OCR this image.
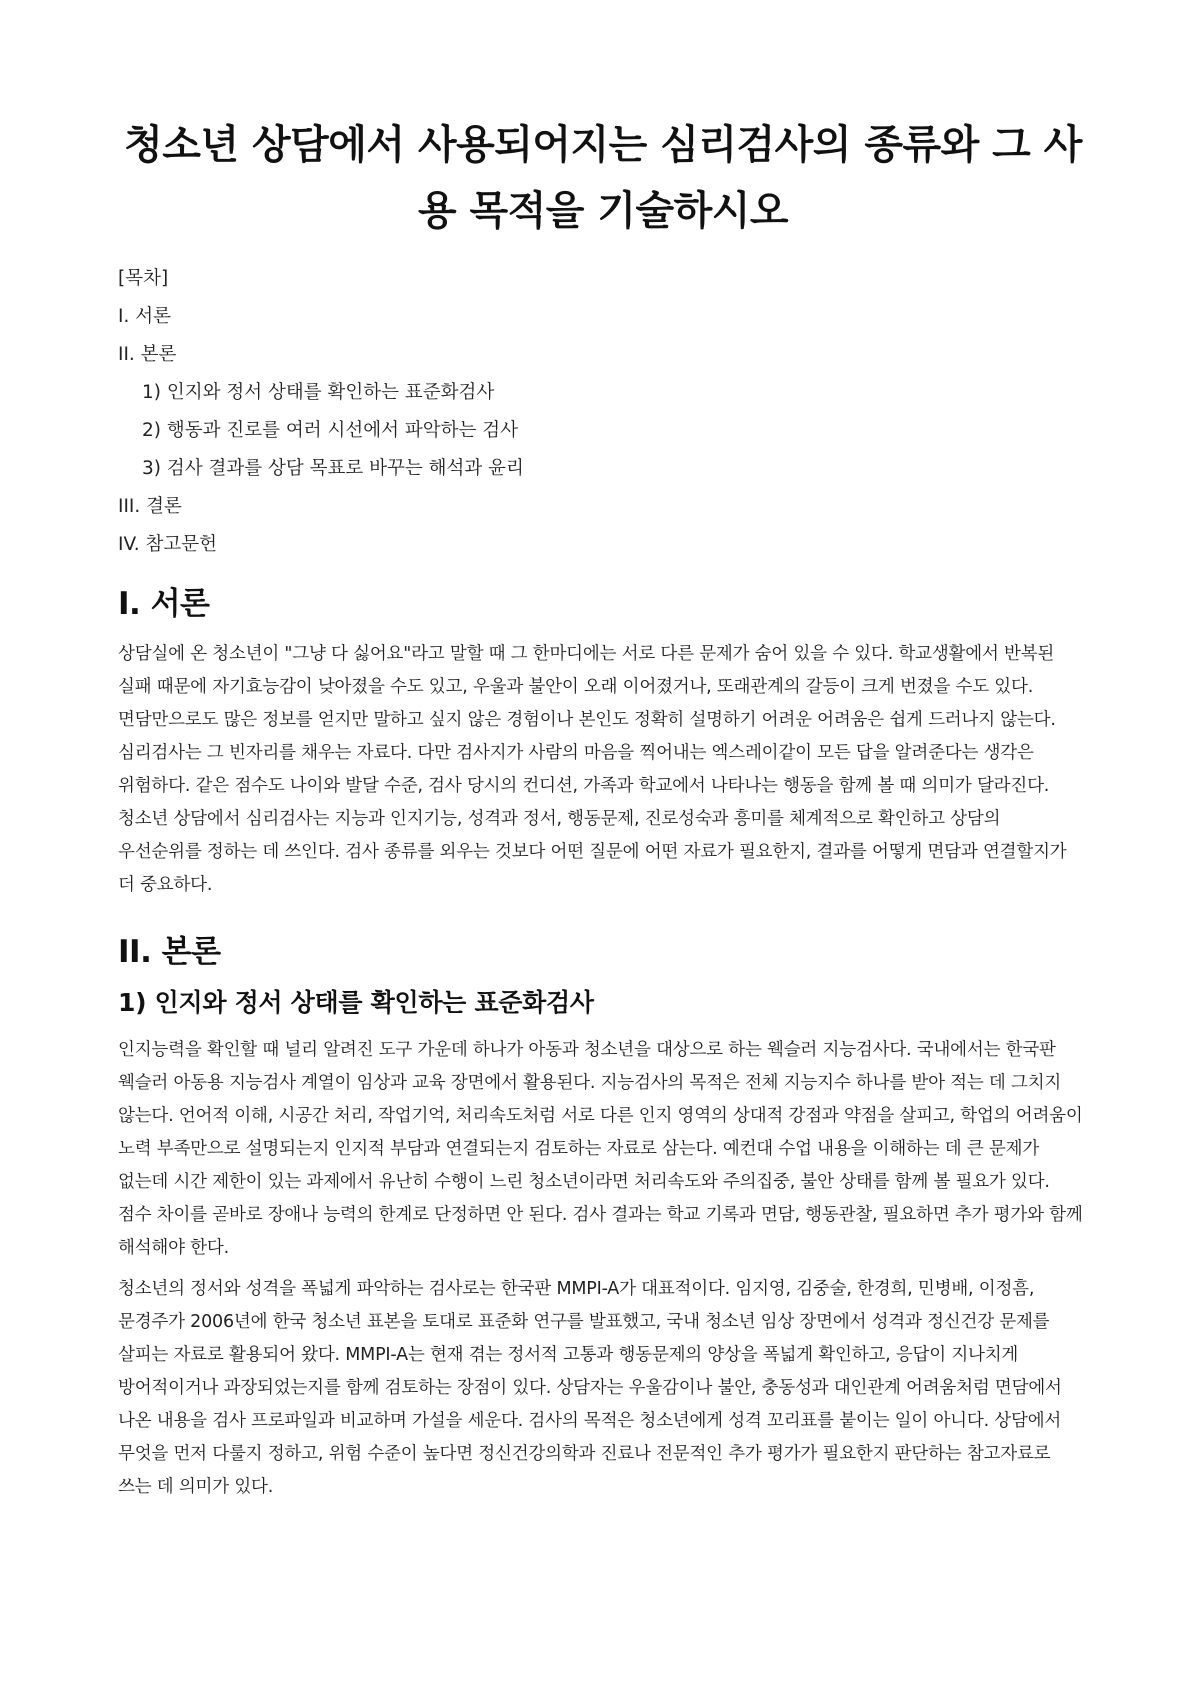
청소년 상담에서 사용되어지는 심리검사의 종류와 그 사용 목적을 기술하시오
[목차]
I. 서론
II. 본론
1) 인지와 정서 상태를 확인하는 표준화검사
2) 행동과 진로를 여러 시선에서 파악하는 검사
3) 검사 결과를 상담 목표로 바꾸는 해석과 윤리
III. 결론
IV. 참고문헌
I. 서론

상담실에 온 청소년이 "그냥 다 싫어요"라고 말할 때 그 한마디에는 서로 다른 문제가 숨어 있을 수 있다. 학교생활에서 반복된 실패 때문에 자기효능감이 낮아졌을 수도 있고, 우울과 불안이 오래 이어졌거나, 또래관계의 갈등이 크게 번졌을 수도 있다. 면담만으로도 많은 정보를 얻지만 말하고 싶지 않은 경험이나 본인도 정확히 설명하기 어려운 어려움은 쉽게 드러나지 않는다. 심리검사는 그 빈자리를 채우는 자료다. 다만 검사지가 사람의 마음을 찍어내는 엑스레이같이 모든 답을 알려준다는 생각은 위험하다. 같은 점수도 나이와 발달 수준, 검사 당시의 컨디션, 가족과 학교에서 나타나는 행동을 함께 볼 때 의미가 달라진다. 청소년 상담에서 심리검사는 지능과 인지기능, 성격과 정서, 행동문제, 진로성숙과 흥미를 체계적으로 확인하고 상담의 우선순위를 정하는 데 쓰인다. 검사 종류를 외우는 것보다 어떤 질문에 어떤 자료가 필요한지, 결과를 어떻게 면담과 연결할지가 더 중요하다.

II. 본론
1) 인지와 정서 상태를 확인하는 표준화검사

인지능력을 확인할 때 널리 알려진 도구 가운데 하나가 아동과 청소년을 대상으로 하는 웩슬러 지능검사다. 국내에서는 한국판 웩슬러 아동용 지능검사 계열이 임상과 교육 장면에서 활용된다. 지능검사의 목적은 전체 지능지수 하나를 받아 적는 데 그치지 않는다. 언어적 이해, 시공간 처리, 작업기억, 처리속도처럼 서로 다른 인지 영역의 상대적 강점과 약점을 살피고, 학업의 어려움이 노력 부족만으로 설명되는지 인지적 부담과 연결되는지 검토하는 자료로 삼는다. 예컨대 수업 내용을 이해하는 데 큰 문제가 없는데 시간 제한이 있는 과제에서 유난히 수행이 느린 청소년이라면 처리속도와 주의집중, 불안 상태를 함께 볼 필요가 있다. 점수 차이를 곧바로 장애나 능력의 한계로 단정하면 안 된다. 검사 결과는 학교 기록과 면담, 행동관찰, 필요하면 추가 평가와 함께 해석해야 한다.

청소년의 정서와 성격을 폭넓게 파악하는 검사로는 한국판 MMPI-A가 대표적이다. 임지영, 김중술, 한경희, 민병배, 이정흠, 문경주가 2006년에 한국 청소년 표본을 토대로 표준화 연구를 발표했고, 국내 청소년 임상 장면에서 성격과 정신건강 문제를 살피는 자료로 활용되어 왔다. MMPI-A는 현재 겪는 정서적 고통과 행동문제의 양상을 폭넓게 확인하고, 응답이 지나치게 방어적이거나 과장되었는지를 함께 검토하는 장점이 있다. 상담자는 우울감이나 불안, 충동성과 대인관계 어려움처럼 면담에서 나온 내용을 검사 프로파일과 비교하며 가설을 세운다. 검사의 목적은 청소년에게 성격 꼬리표를 붙이는 일이 아니다. 상담에서 무엇을 먼저 다룰지 정하고, 위험 수준이 높다면 정신건강의학과 진료나 전문적인 추가 평가가 필요한지 판단하는 참고자료로 쓰는 데 의미가 있다.
